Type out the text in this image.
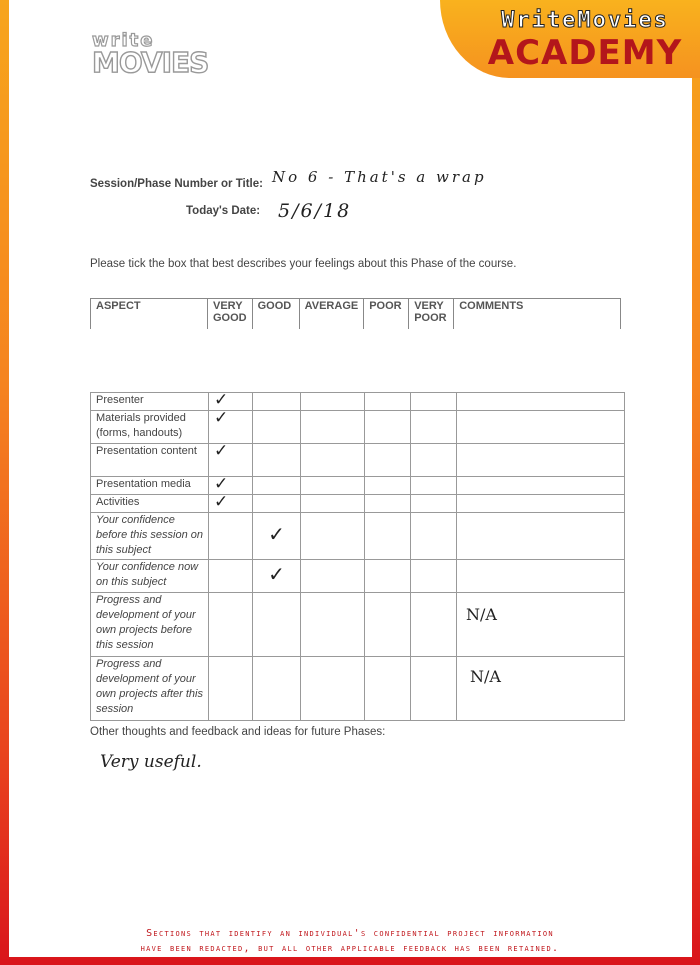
WriteMovies
ACADEMY
write
MOVIES
Session/Phase Number or Title: No 6 - That's a wrap
Today's Date: 5/6/18
Please tick the box that best describes your feelings about this Phase of the course.
ASPECT	VERY GOOD	GOOD	AVERAGE	POOR	VERY POOR	COMMENTS
Presenter	✓					
Materials provided (forms, handouts)	✓					
Presentation content	✓					
Presentation media	✓					
Activities	✓					
Your confidence before this session on this subject		✓				
Your confidence now on this subject		✓				
Progress and development of your own projects before this session						N/A
Progress and development of your own projects after this session						N/A
Other thoughts and feedback and ideas for future Phases:
Very useful.
Sections that identify an individual's confidential project information
have been redacted, but all other applicable feedback has been retained.
